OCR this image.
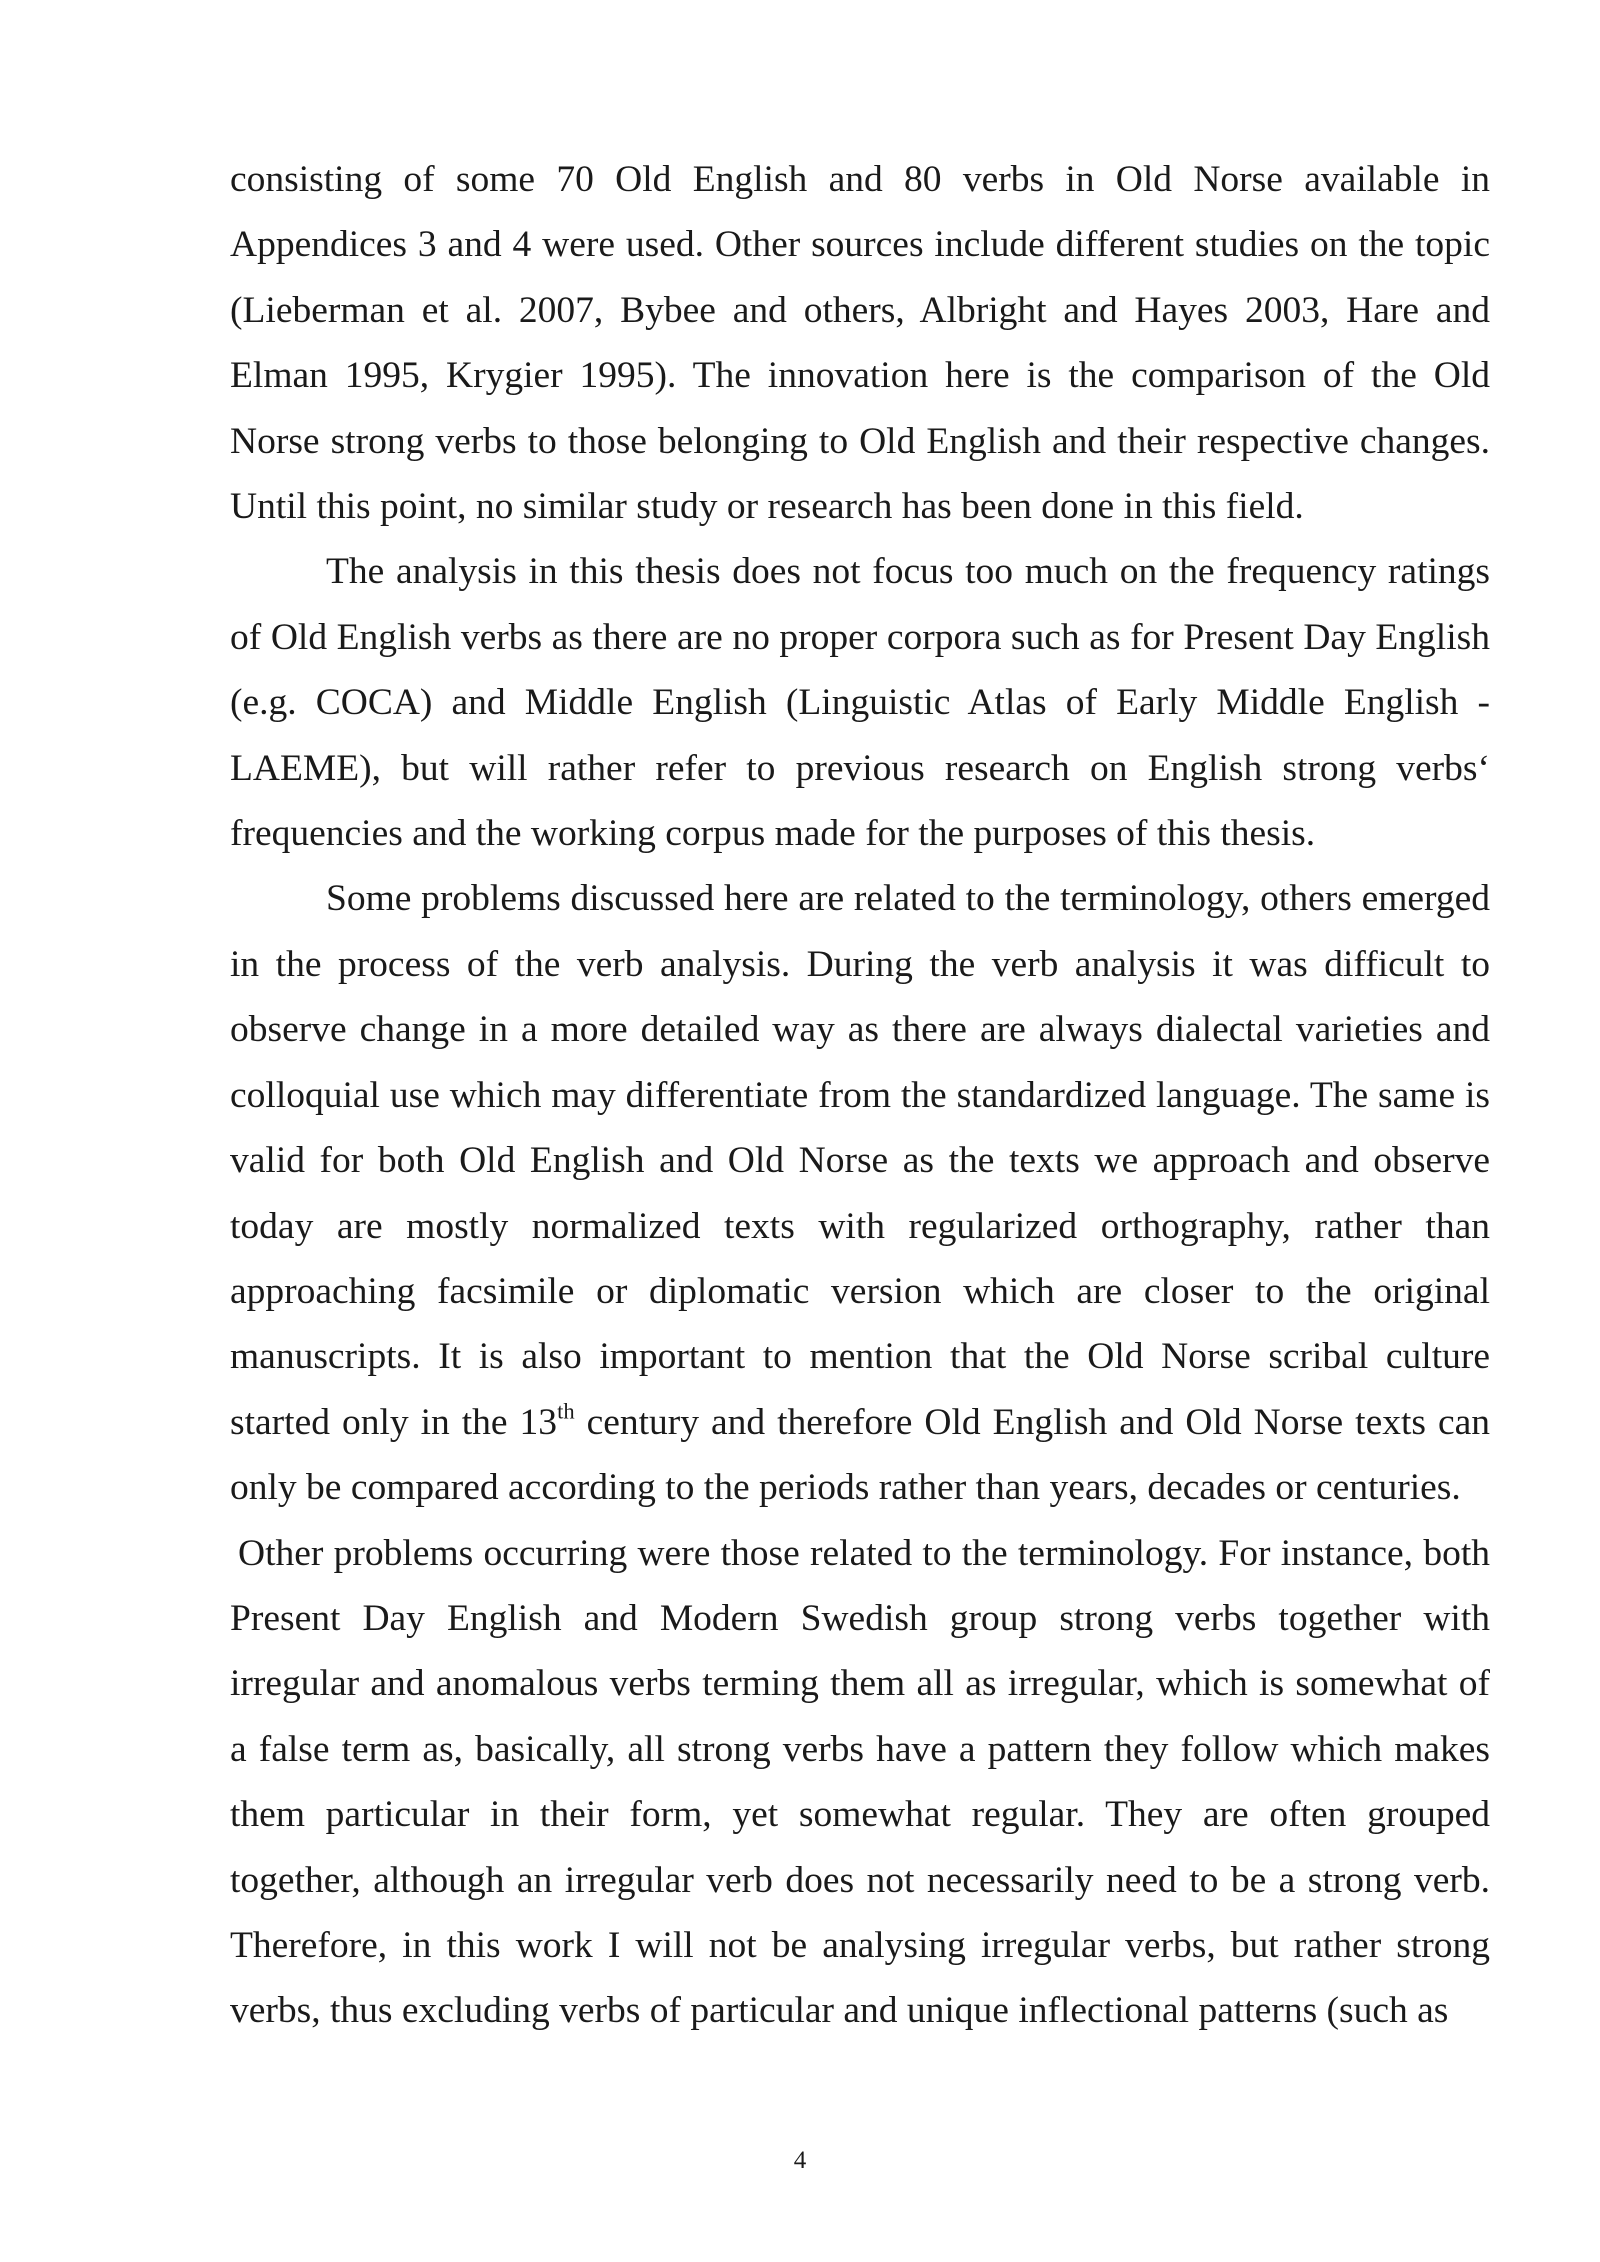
consisting of some 70 Old English and 80 verbs in Old Norse available in Appendices 3 and 4 were used. Other sources include different studies on the topic (Lieberman et al. 2007, Bybee and others, Albright and Hayes 2003, Hare and Elman 1995, Krygier 1995). The innovation here is the comparison of the Old Norse strong verbs to those belonging to Old English and their respective changes. Until this point, no similar study or research has been done in this field.

The analysis in this thesis does not focus too much on the frequency ratings of Old English verbs as there are no proper corpora such as for Present Day English (e.g. COCA) and Middle English (Linguistic Atlas of Early Middle English - LAEME), but will rather refer to previous research on English strong verbs‘ frequencies and the working corpus made for the purposes of this thesis.

Some problems discussed here are related to the terminology, others emerged in the process of the verb analysis. During the verb analysis it was difficult to observe change in a more detailed way as there are always dialectal varieties and colloquial use which may differentiate from the standardized language. The same is valid for both Old English and Old Norse as the texts we approach and observe today are mostly normalized texts with regularized orthography, rather than approaching facsimile or diplomatic version which are closer to the original manuscripts. It is also important to mention that the Old Norse scribal culture started only in the 13th century and therefore Old English and Old Norse texts can only be compared according to the periods rather than years, decades or centuries.

Other problems occurring were those related to the terminology. For instance, both Present Day English and Modern Swedish group strong verbs together with irregular and anomalous verbs terming them all as irregular, which is somewhat of a false term as, basically, all strong verbs have a pattern they follow which makes them particular in their form, yet somewhat regular. They are often grouped together, although an irregular verb does not necessarily need to be a strong verb. Therefore, in this work I will not be analysing irregular verbs, but rather strong verbs, thus excluding verbs of particular and unique inflectional patterns (such as

4
